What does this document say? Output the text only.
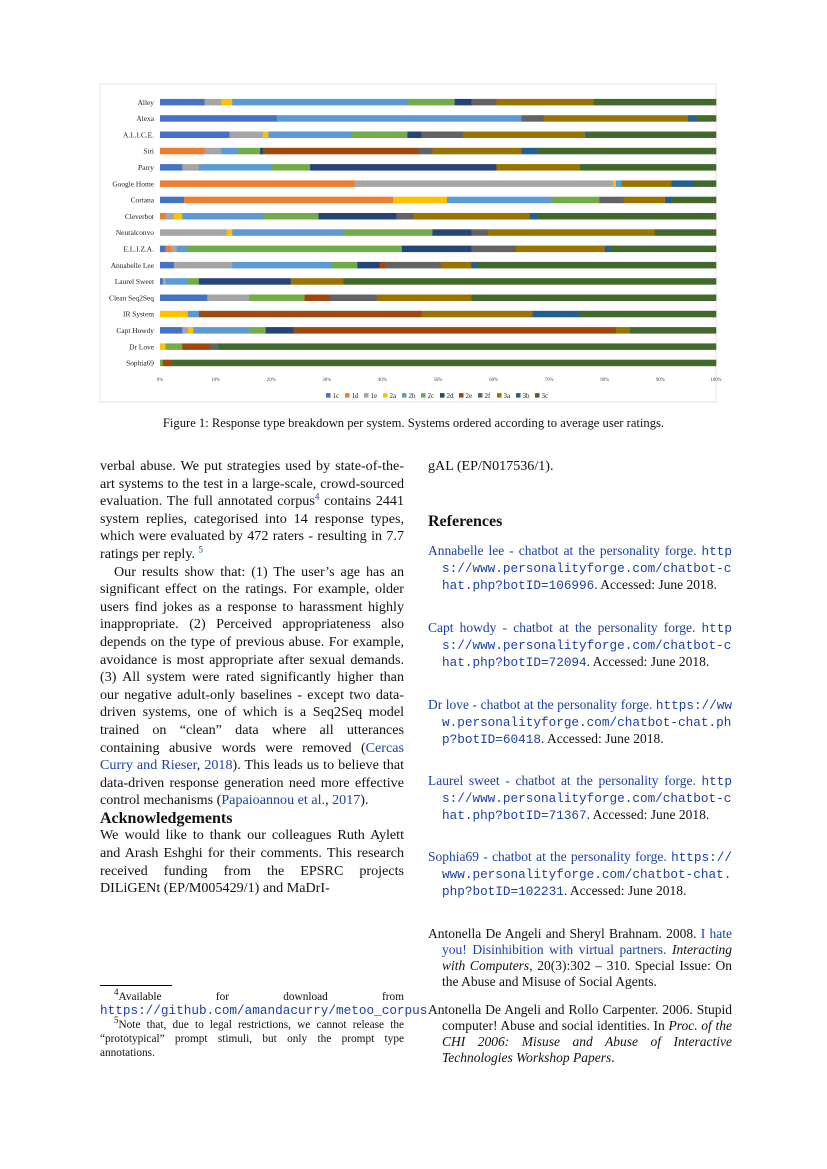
Alley
Alexa
A.L.I.C.E.
Siri
Parry
Google Home
Cortana
Cleverbot
Neuralconvo
E.L.I.Z.A.
Annabelle Lee
Laurel Sweet
Clean Seq2Seq
IR System
Capt Howdy
Dr Love
Sophia69
0%	10%	20%	30%	40%	50%	60%	70%	80%	90%	100%
1c 1d 1e 2a 2b 2c 2d 2e 2f 3a 3b 3c
Figure 1: Response type breakdown per system. Systems ordered according to average user ratings.

verbal abuse. We put strategies used by state-of-the-art systems to the test in a large-scale, crowd-sourced evaluation. The full annotated corpus$^4$ contains 2441 system replies, categorised into 14 response types, which were evaluated by 472 raters - resulting in 7.7 ratings per reply. $^5$

Our results show that: (1) The user’s age has an significant effect on the ratings. For example, older users find jokes as a response to harassment highly inappropriate. (2) Perceived appropriateness also depends on the type of previous abuse. For example, avoidance is most appropriate after sexual demands. (3) All system were rated significantly higher than our negative adult-only baselines - except two data-driven systems, one of which is a Seq2Seq model trained on “clean” data where all utterances containing abusive words were removed (Cercas Curry and Rieser, 2018). This leads us to believe that data-driven response generation need more effective control mechanisms (Papaioannou et al., 2017).

Acknowledgements

We would like to thank our colleagues Ruth Aylett and Arash Eshghi for their comments. This research received funding from the EPSRC projects DILiGENt (EP/M005429/1) and MaDrI-

$^4$Available for download from https://github.com/amandacurry/metoo_corpus

$^5$Note that, due to legal restrictions, we cannot release the “prototypical” prompt stimuli, but only the prompt type annotations.

gAL (EP/N017536/1).
References
Annabelle lee - chatbot at the personality forge. https://www.personalityforge.com/chatbot-chat.php?botID=106996. Accessed: June 2018.
Capt howdy - chatbot at the personality forge. https://www.personalityforge.com/chatbot-chat.php?botID=72094. Accessed: June 2018.
Dr love - chatbot at the personality forge. https://www.personalityforge.com/chatbot-chat.php?botID=60418. Accessed: June 2018.
Laurel sweet - chatbot at the personality forge. https://www.personalityforge.com/chatbot-chat.php?botID=71367. Accessed: June 2018.
Sophia69 - chatbot at the personality forge. https://www.personalityforge.com/chatbot-chat.php?botID=102231. Accessed: June 2018.
Antonella De Angeli and Sheryl Brahnam. 2008. I hate you! Disinhibition with virtual partners. Interacting with Computers, 20(3):302 – 310. Special Issue: On the Abuse and Misuse of Social Agents.
Antonella De Angeli and Rollo Carpenter. 2006. Stupid computer! Abuse and social identities. In Proc. of the CHI 2006: Misuse and Abuse of Interactive Technologies Workshop Papers.
